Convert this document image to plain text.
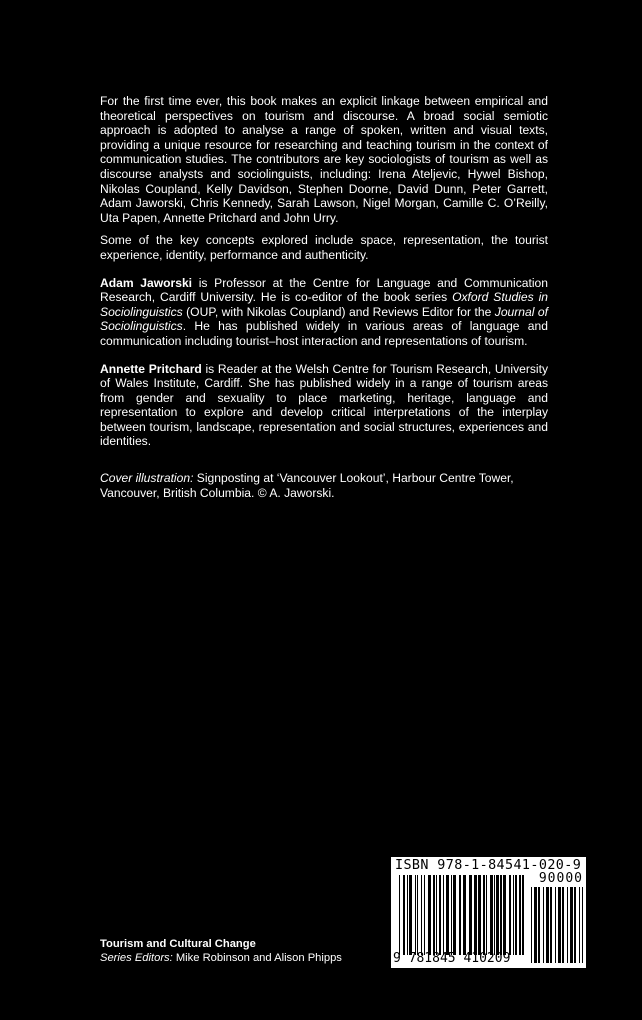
For the first time ever, this book makes an explicit linkage between empirical and theoretical perspectives on tourism and discourse. A broad social semiotic approach is adopted to analyse a range of spoken, written and visual texts, providing a unique resource for researching and teaching tourism in the context of communication studies. The contributors are key sociologists of tourism as well as discourse analysts and sociolinguists, including: Irena Ateljevic, Hywel Bishop, Nikolas Coupland, Kelly Davidson, Stephen Doorne, David Dunn, Peter Garrett, Adam Jaworski, Chris Kennedy, Sarah Lawson, Nigel Morgan, Camille C. O’Reilly, Uta Papen, Annette Pritchard and John Urry.

Some of the key concepts explored include space, representation, the tourist experience, identity, performance and authenticity.

Adam Jaworski is Professor at the Centre for Language and Communication Research, Cardiff University. He is co-editor of the book series Oxford Studies in Sociolinguistics (OUP, with Nikolas Coupland) and Reviews Editor for the Journal of Sociolinguistics. He has published widely in various areas of language and communication including tourist–host interaction and representations of tourism.

Annette Pritchard is Reader at the Welsh Centre for Tourism Research, University of Wales Institute, Cardiff. She has published widely in a range of tourism areas from gender and sexuality to place marketing, heritage, language and representation to explore and develop critical interpretations of the interplay between tourism, landscape, representation and social structures, experiences and identities.

Cover illustration: Signposting at ‘Vancouver Lookout’, Harbour Centre Tower, Vancouver, British Columbia. © A. Jaworski.

Tourism and Cultural Change
Series Editors: Mike Robinson and Alison Phipps
ISBN 978-1-84541-020-9
90000
9 781845 410209
